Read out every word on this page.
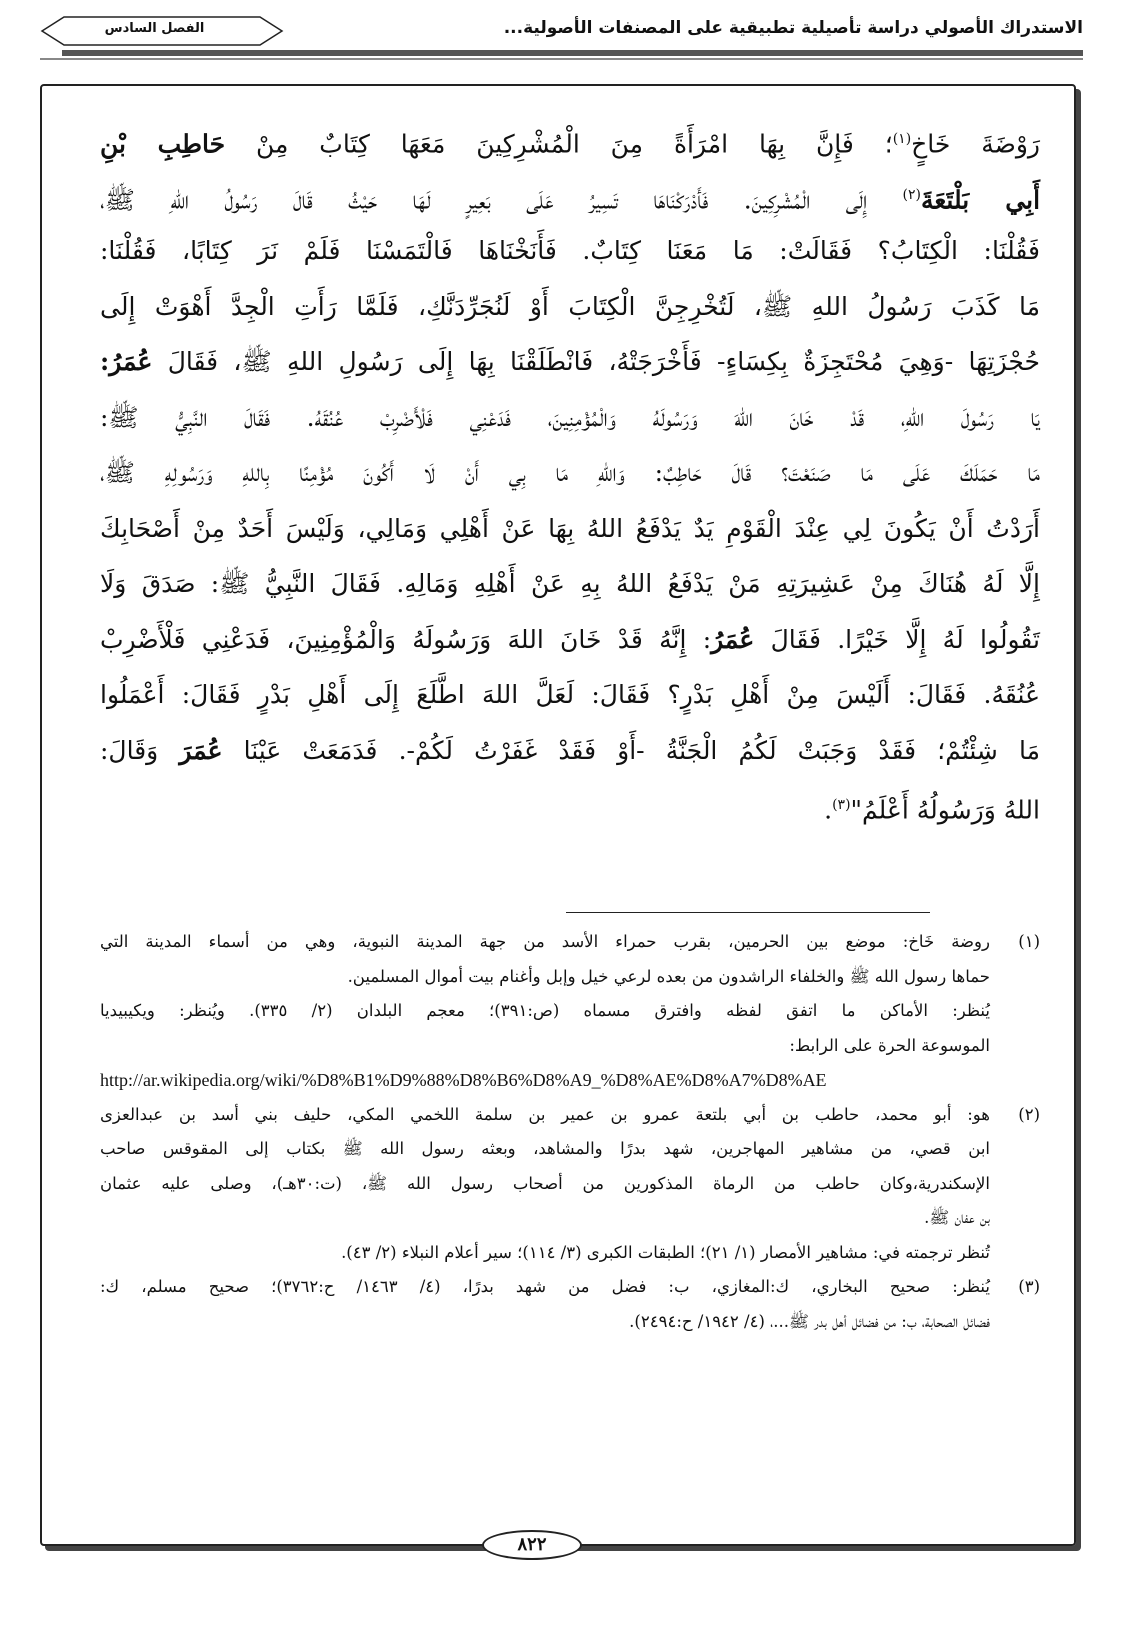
الاستدراك الأصولي دراسة تأصيلية تطبيقية على المصنفات الأصولية...
الفصل السادس
رَوْضَةَ خَاخٍ$^{(١)}$؛ فَإِنَّ بِهَا امْرَأَةً مِنَ الْمُشْرِكِينَ مَعَهَا كِتَابٌ مِنْ حَاطِبِ بْنِ
أَبِي بَلْتَعَةَ$^{(٢)}$ إِلَى الْمُشْرِكِينَ. فَأَدْرَكْنَاهَا تَسِيرُ عَلَى بَعِيرٍ لَهَا حَيْثُ قَالَ رَسُولُ اللهِ ﷺ،
فَقُلْنَا: الْكِتَابُ؟ فَقَالَتْ: مَا مَعَنَا كِتَابٌ. فَأَنَخْنَاهَا فَالْتَمَسْنَا فَلَمْ نَرَ كِتَابًا، فَقُلْنَا:
مَا كَذَبَ رَسُولُ اللهِ ﷺ، لَتُخْرِجِنَّ الْكِتَابَ أَوْ لَنُجَرِّدَنَّكِ، فَلَمَّا رَأَتِ الْجِدَّ أَهْوَتْ إِلَى
حُجْزَتِهَا -وَهِيَ مُحْتَجِزَةٌ بِكِسَاءٍ- فَأَخْرَجَتْهُ، فَانْطَلَقْنَا بِهَا إِلَى رَسُولِ اللهِ ﷺ، فَقَالَ عُمَرُ:
يَا رَسُولَ اللهِ، قَدْ خَانَ اللهَ وَرَسُولَهُ وَالْمُؤْمِنِينَ، فَدَعْنِي فَلْأَضْرِبْ عُنُقَهُ. فَقَالَ النَّبِيُّ ﷺ:
مَا حَمَلَكَ عَلَى مَا صَنَعْتَ؟ قَالَ حَاطِبٌ: وَاللهِ مَا بِي أَنْ لَا أَكُونَ مُؤْمِنًا بِاللهِ وَرَسُولِهِ ﷺ،
أَرَدْتُ أَنْ يَكُونَ لِي عِنْدَ الْقَوْمِ يَدٌ يَدْفَعُ اللهُ بِهَا عَنْ أَهْلِي وَمَالِي، وَلَيْسَ أَحَدٌ مِنْ أَصْحَابِكَ
إِلَّا لَهُ هُنَاكَ مِنْ عَشِيرَتِهِ مَنْ يَدْفَعُ اللهُ بِهِ عَنْ أَهْلِهِ وَمَالِهِ. فَقَالَ النَّبِيُّ ﷺ: صَدَقَ وَلَا
تَقُولُوا لَهُ إِلَّا خَيْرًا. فَقَالَ عُمَرُ: إِنَّهُ قَدْ خَانَ اللهَ وَرَسُولَهُ وَالْمُؤْمِنِينَ، فَدَعْنِي فَلْأَضْرِبْ
عُنُقَهُ. فَقَالَ: أَلَيْسَ مِنْ أَهْلِ بَدْرٍ؟ فَقَالَ: لَعَلَّ اللهَ اطَّلَعَ إِلَى أَهْلِ بَدْرٍ فَقَالَ: أَعْمَلُوا
مَا شِئْتُمْ؛ فَقَدْ وَجَبَتْ لَكُمُ الْجَنَّةُ -أَوْ فَقَدْ غَفَرْتُ لَكُمْ-. فَدَمَعَتْ عَيْنَا عُمَرَ وَقَالَ:
اللهُ وَرَسُولُهُ أَعْلَمُ"$^{(٣)}$.
(١)روضة خَاخ: موضع بين الحرمين، بقرب حمراء الأسد من جهة المدينة النبوية، وهي من أسماء المدينة التي
حماها رسول الله ﷺ والخلفاء الراشدون من بعده لرعي خيل وإبل وأغنام بيت أموال المسلمين.
يُنظر: الأماكن ما اتفق لفظه وافترق مسماه (ص:٣٩١)؛ معجم البلدان (٢/ ٣٣٥). ويُنظر: ويكيبيديا
الموسوعة الحرة على الرابط:
http://ar.wikipedia.org/wiki/%D8%B1%D9%88%D8%B6%D8%A9_%D8%AE%D8%A7%D8%AE
(٢)هو: أبو محمد، حاطب بن أبي بلتعة عمرو بن عمير بن سلمة اللخمي المكي، حليف بني أسد بن عبدالعزى
ابن قصي، من مشاهير المهاجرين، شهد بدرًا والمشاهد، وبعثه رسول الله ﷺ بكتاب إلى المقوقس صاحب
الإسكندرية،وكان حاطب من الرماة المذكورين من أصحاب رسول الله ﷺ، (ت:٣٠هـ)، وصلى عليه عثمان
بن عفان ﷺ.
تُنظر ترجمته في: مشاهير الأمصار (١/ ٢١)؛ الطبقات الكبرى (٣/ ١١٤)؛ سير أعلام النبلاء (٢/ ٤٣).
(٣)يُنظر: صحيح البخاري، ك:المغازي، ب: فضل من شهد بدرًا، (٤/ ١٤٦٣/ ح:٣٧٦٢)؛ صحيح مسلم، ك:
فضائل الصحابة، ب: من فضائل أهل بدر ﷺ...، (٤/ ١٩٤٢/ ح:٢٤٩٤).
٨٢٢
